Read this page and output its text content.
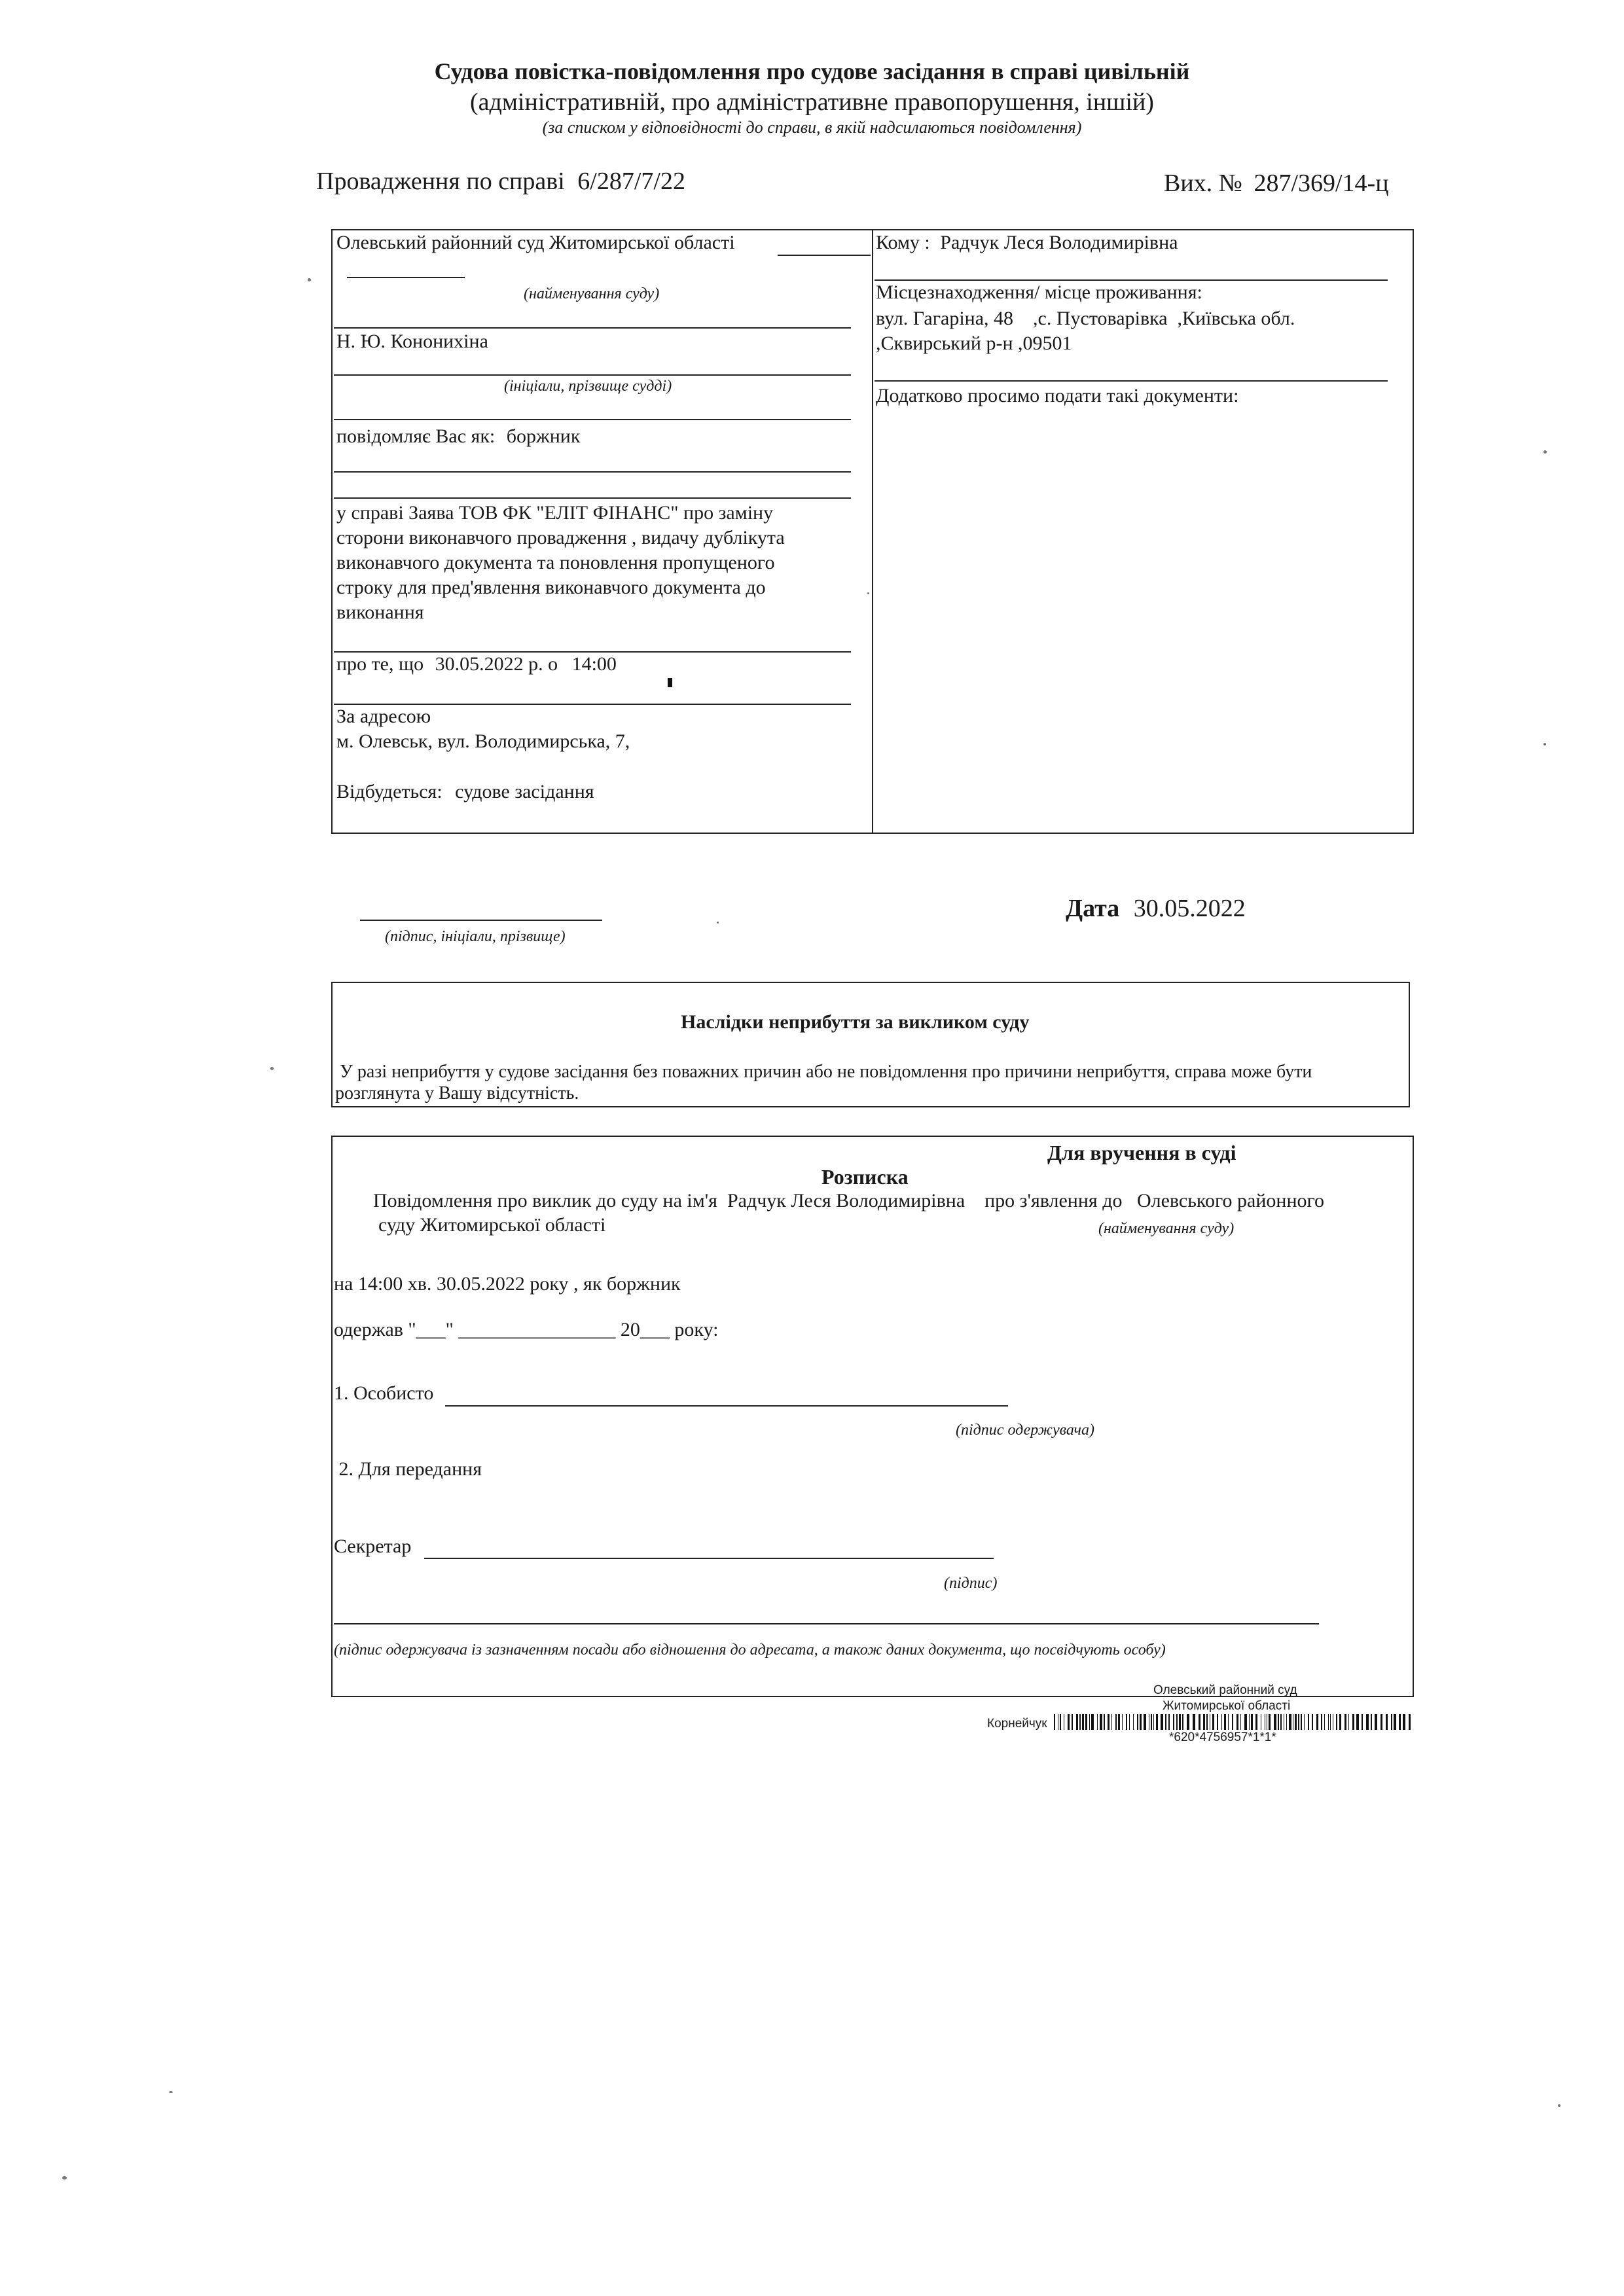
Судова повістка-повідомлення про судове засідання в справі цивільній
(адміністративній, про адміністративне правопорушення, іншій)
(за списком у відповідності до справи, в якій надсилаються повідомлення)
Провадження по справі 6/287/7/22	Вих. № 287/369/14-ц
Олевський районний суд Житомирської області
(найменування суду)
Н. Ю. Кононихіна
(ініціали, прізвище судді)
повідомляє Вас як: боржник
у справі Заява ТОВ ФК "ЕЛІТ ФІНАНС" про заміну
сторони виконавчого провадження , видачу дублікута
виконавчого документа та поновлення пропущеного
строку для пред'явлення виконавчого документа до
виконання
про те, що 30.05.2022 р. о 14:00
За адресою
м. Олевськ, вул. Володимирська, 7,
Відбудеться: судове засідання
Кому : Радчук Леся Володимирівна
Місцезнаходження/ місце проживання:
вул. Гагаріна, 48    ,с. Пустоварівка  ,Київська обл.
,Сквирський р-н ,09501
Додатково просимо подати такі документи:
(підпис, ініціали, прізвище)
Дата 30.05.2022
Наслідки неприбуття за викликом суду
У разі неприбуття у судове засідання без поважних причин або не повідомлення про причини неприбуття, справа може бути
розглянута у Вашу відсутність.
Для вручення в суді
Розписка
Повідомлення про виклик до суду на ім'я  Радчук Леся Володимирівна    про з'явлення до   Олевського районного
суду Житомирської області	(найменування суду)
на 14:00 хв. 30.05.2022 року , як боржник
одержав "___" ________________ 20___ року:
1. Особисто
(підпис одержувача)
2. Для передання
Секретар
(підпис)
(підпис одержувача із зазначенням посади або відношення до адресата, а також даних документа, що посвідчують особу)
Олевський районний суд
Житомирської області
Корнейчук
*620*4756957*1*1*
